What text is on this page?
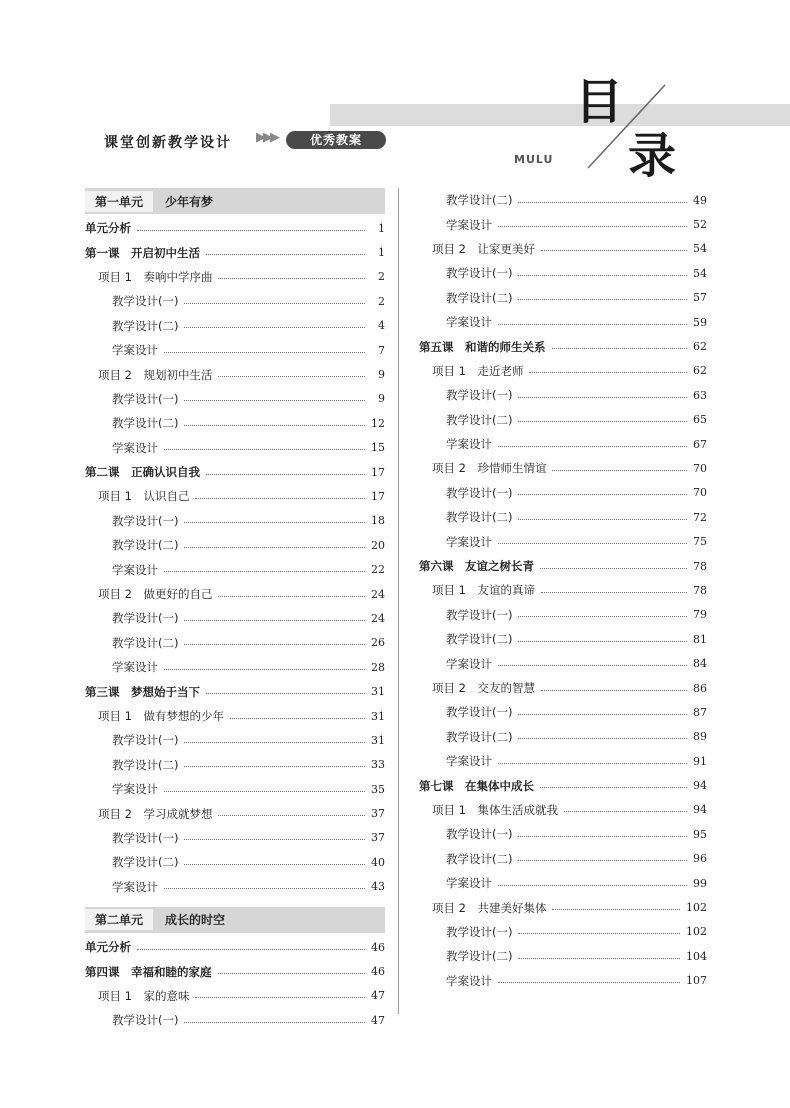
课堂创新教学设计 ▶▶▶	优秀教案
目
录
MULU
第一单元 少年有梦
单元分析	1
第一课　开启初中生活	1
项目 1　奏响中学序曲	2
教学设计(一)	2
教学设计(二)	4
学案设计	7
项目 2　规划初中生活	9
教学设计(一)	9
教学设计(二)	12
学案设计	15
第二课　正确认识自我	17
项目 1　认识自己	17
教学设计(一)	18
教学设计(二)	20
学案设计	22
项目 2　做更好的自己	24
教学设计(一)	24
教学设计(二)	26
学案设计	28
第三课　梦想始于当下	31
项目 1　做有梦想的少年	31
教学设计(一)	31
教学设计(二)	33
学案设计	35
项目 2　学习成就梦想	37
教学设计(一)	37
教学设计(二)	40
学案设计	43
第二单元 成长的时空
单元分析	46
第四课　幸福和睦的家庭	46
项目 1　家的意味	47
教学设计(一)	47
教学设计(二)	49
学案设计	52
项目 2　让家更美好	54
教学设计(一)	54
教学设计(二)	57
学案设计	59
第五课　和谐的师生关系	62
项目 1　走近老师	62
教学设计(一)	63
教学设计(二)	65
学案设计	67
项目 2　珍惜师生情谊	70
教学设计(一)	70
教学设计(二)	72
学案设计	75
第六课　友谊之树长青	78
项目 1　友谊的真谛	78
教学设计(一)	79
教学设计(二)	81
学案设计	84
项目 2　交友的智慧	86
教学设计(一)	87
教学设计(二)	89
学案设计	91
第七课　在集体中成长	94
项目 1　集体生活成就我	94
教学设计(一)	95
教学设计(二)	96
学案设计	99
项目 2　共建美好集体	102
教学设计(一)	102
教学设计(二)	104
学案设计	107
